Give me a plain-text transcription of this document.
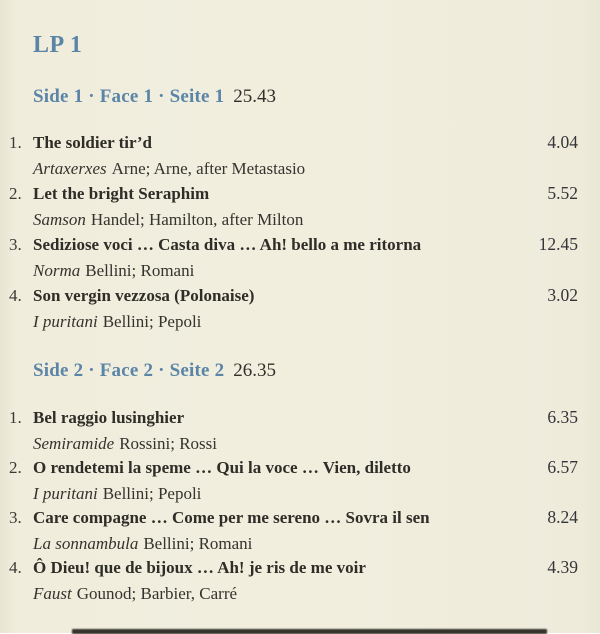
LP 1
Side 1 · Face 1 · Seite 1 25.43
1. The soldier tir’d	4.04
Artaxerxes Arne; Arne, after Metastasio
2. Let the bright Seraphim	5.52
Samson Handel; Hamilton, after Milton
3. Sediziose voci … Casta diva … Ah! bello a me ritorna	12.45
Norma Bellini; Romani
4. Son vergin vezzosa (Polonaise)	3.02
I puritani Bellini; Pepoli
Side 2 · Face 2 · Seite 2 26.35
1. Bel raggio lusinghier	6.35
Semiramide Rossini; Rossi
2. O rendetemi la speme … Qui la voce … Vien, diletto	6.57
I puritani Bellini; Pepoli
3. Care compagne … Come per me sereno … Sovra il sen	8.24
La sonnambula Bellini; Romani
4. Ô Dieu! que de bijoux … Ah! je ris de me voir	4.39
Faust Gounod; Barbier, Carré
